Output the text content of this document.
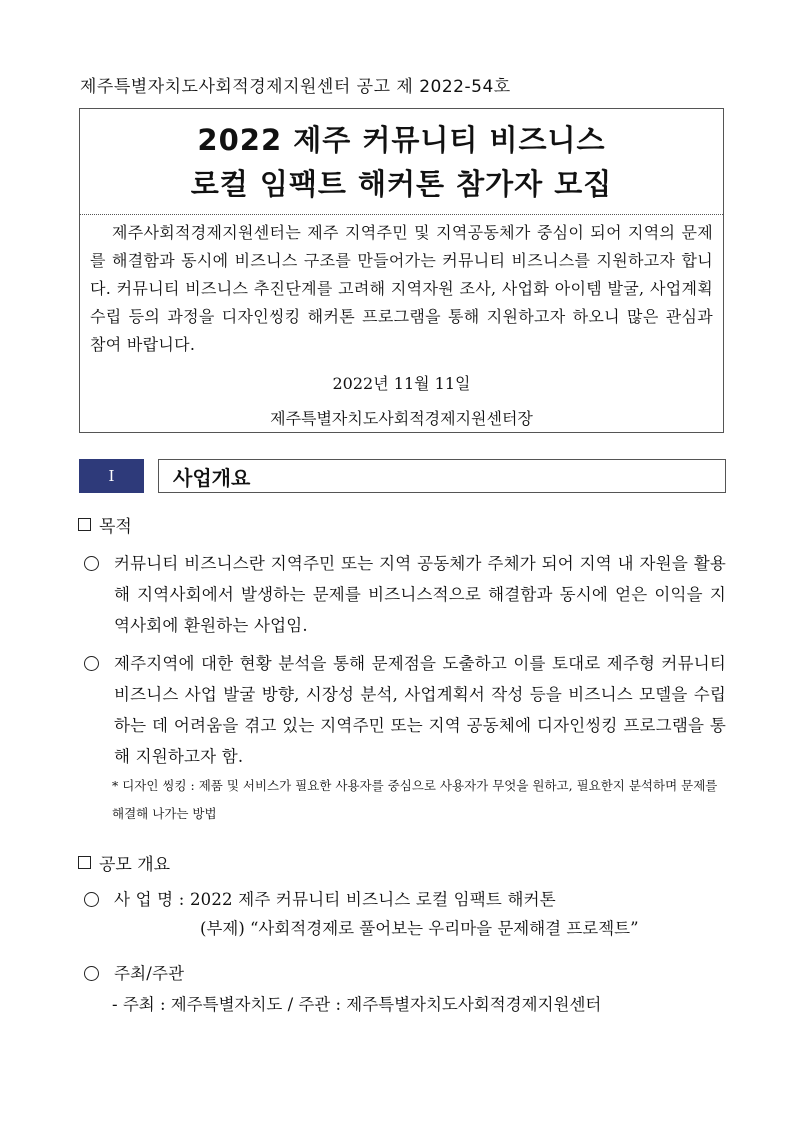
제주특별자치도사회적경제지원센터 공고 제 2022-54호
2022 제주 커뮤니티 비즈니스
로컬 임팩트 해커톤 참가자 모집
제주사회적경제지원센터는 제주 지역주민 및 지역공동체가 중심이 되어 지역의 문제를 해결함과 동시에 비즈니스 구조를 만들어가는 커뮤니티 비즈니스를 지원하고자 합니다. 커뮤니티 비즈니스 추진단계를 고려해 지역자원 조사, 사업화 아이템 발굴, 사업계획 수립 등의 과정을 디자인씽킹 해커톤 프로그램을 통해 지원하고자 하오니 많은 관심과 참여 바랍니다.
2022년 11월 11일
제주특별자치도사회적경제지원센터장
I	사업개요
목적
커뮤니티 비즈니스란 지역주민 또는 지역 공동체가 주체가 되어 지역 내 자원을 활용해 지역사회에서 발생하는 문제를 비즈니스적으로 해결함과 동시에 얻은 이익을 지역사회에 환원하는 사업임.
제주지역에 대한 현황 분석을 통해 문제점을 도출하고 이를 토대로 제주형 커뮤니티 비즈니스 사업 발굴 방향, 시장성 분석, 사업계획서 작성 등을 비즈니스 모델을 수립하는 데 어려움을 겪고 있는 지역주민 또는 지역 공동체에 디자인씽킹 프로그램을 통해 지원하고자 함.
* 디자인 씽킹 : 제품 및 서비스가 필요한 사용자를 중심으로 사용자가 무엇을 원하고, 필요한지 분석하며 문제를 해결해 나가는 방법
공모 개요
사 업 명 : 2022 제주 커뮤니티 비즈니스 로컬 임팩트 해커톤
(부제) “사회적경제로 풀어보는 우리마을 문제해결 프로젝트”
주최/주관
- 주최 : 제주특별자치도 / 주관 : 제주특별자치도사회적경제지원센터
